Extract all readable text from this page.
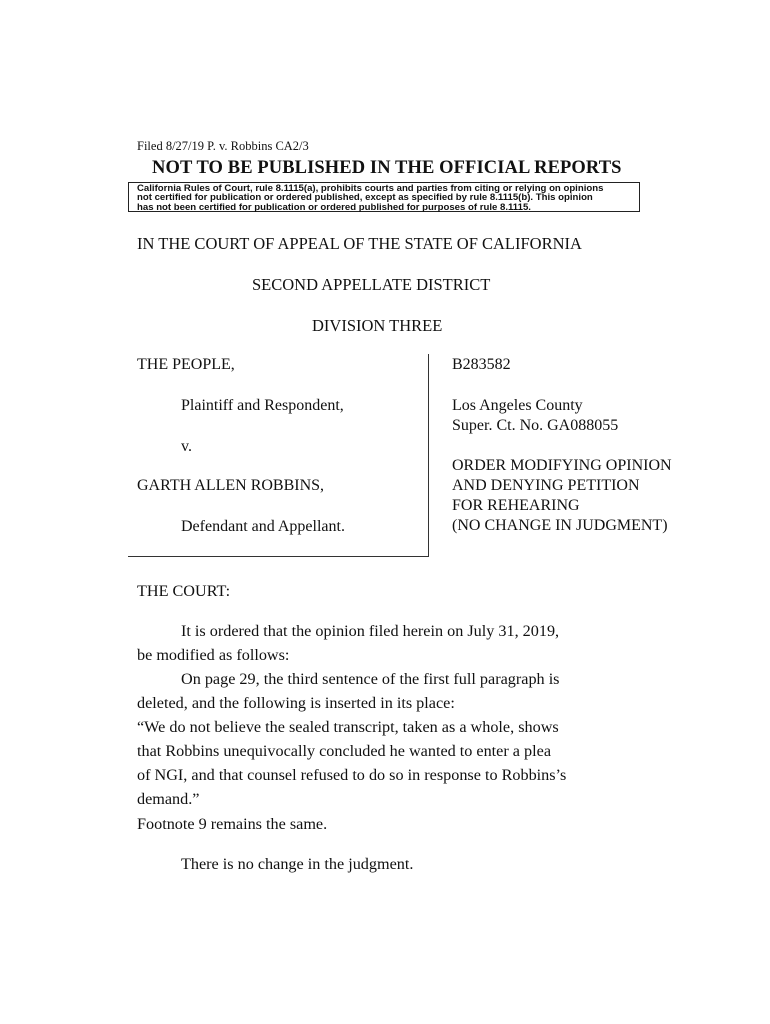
Filed 8/27/19 P. v. Robbins CA2/3

NOT TO BE PUBLISHED IN THE OFFICIAL REPORTS

California Rules of Court, rule 8.1115(a), prohibits courts and parties from citing or relying on opinions
not certified for publication or ordered published, except as specified by rule 8.1115(b). This opinion
has not been certified for publication or ordered published for purposes of rule 8.1115.

IN THE COURT OF APPEAL OF THE STATE OF CALIFORNIA

SECOND APPELLATE DISTRICT

DIVISION THREE

THE PEOPLE,

Plaintiff and Respondent,

v.

GARTH ALLEN ROBBINS,

Defendant and Appellant.

B283582

Los Angeles County

Super. Ct. No. GA088055

ORDER MODIFYING OPINION

AND DENYING PETITION

FOR REHEARING

(NO CHANGE IN JUDGMENT)

THE COURT:

It is ordered that the opinion filed herein on July 31, 2019,

be modified as follows:

On page 29, the third sentence of the first full paragraph is

deleted, and the following is inserted in its place:

“We do not believe the sealed transcript, taken as a whole, shows

that Robbins unequivocally concluded he wanted to enter a plea

of NGI, and that counsel refused to do so in response to Robbins’s

demand.”

Footnote 9 remains the same.

There is no change in the judgment.
